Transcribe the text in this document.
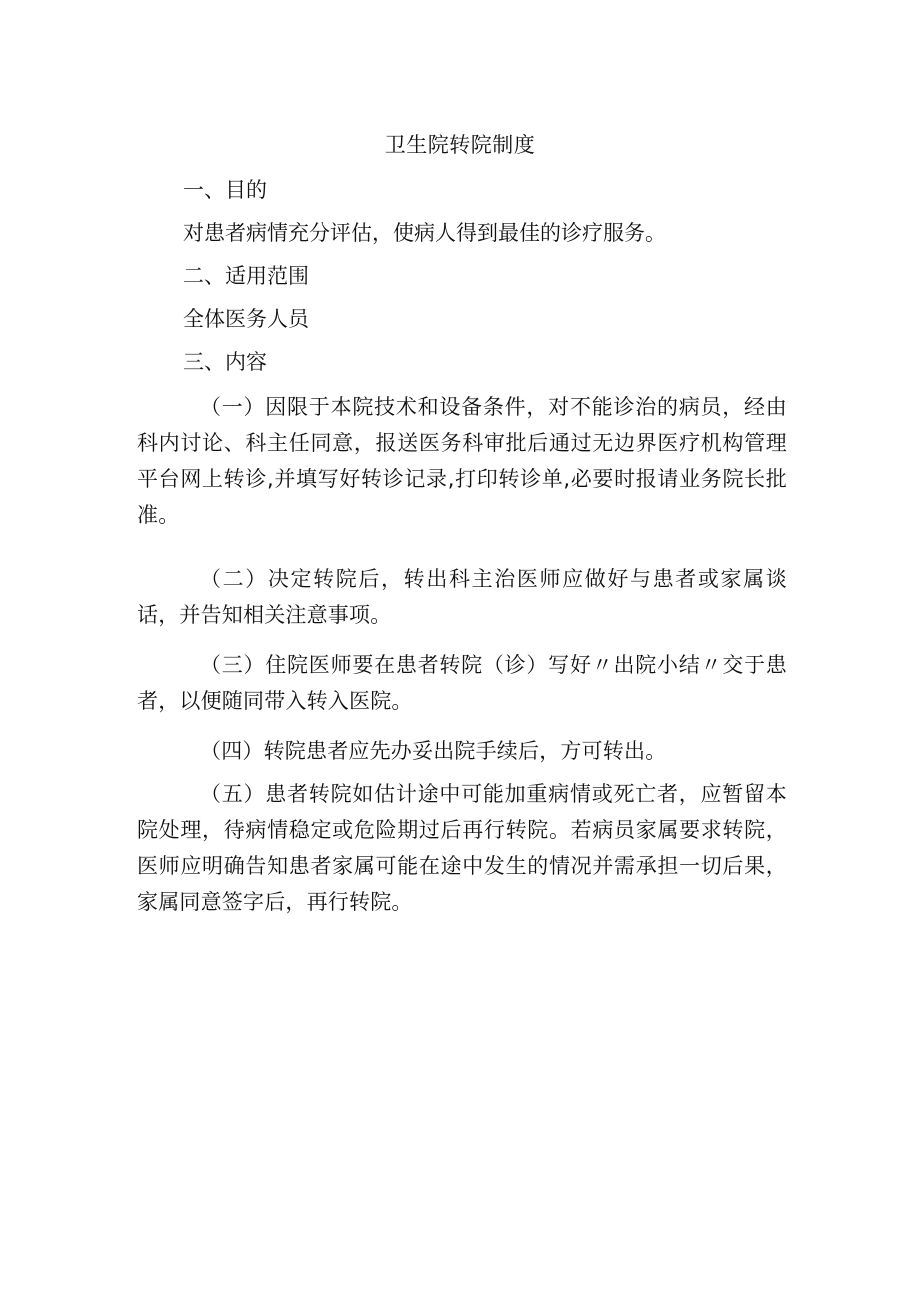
卫生院转院制度
一、目的
对患者病情充分评估，使病人得到最佳的诊疗服务。
二、适用范围
全体医务人员
三、内容
（一）因限于本院技术和设备条件，对不能诊治的病员，经由科内讨论、科主任同意，报送医务科审批后通过无边界医疗机构管理平台网上转诊,并填写好转诊记录,打印转诊单,必要时报请业务院长批准。
（二）决定转院后，转出科主治医师应做好与患者或家属谈话，并告知相关注意事项。
（三）住院医师要在患者转院（诊）写好〃出院小结〃交于患者，以便随同带入转入医院。
（四）转院患者应先办妥出院手续后，方可转出。
（五）患者转院如估计途中可能加重病情或死亡者，应暂留本院处理，待病情稳定或危险期过后再行转院。若病员家属要求转院，医师应明确告知患者家属可能在途中发生的情况并需承担一切后果，家属同意签字后，再行转院。
